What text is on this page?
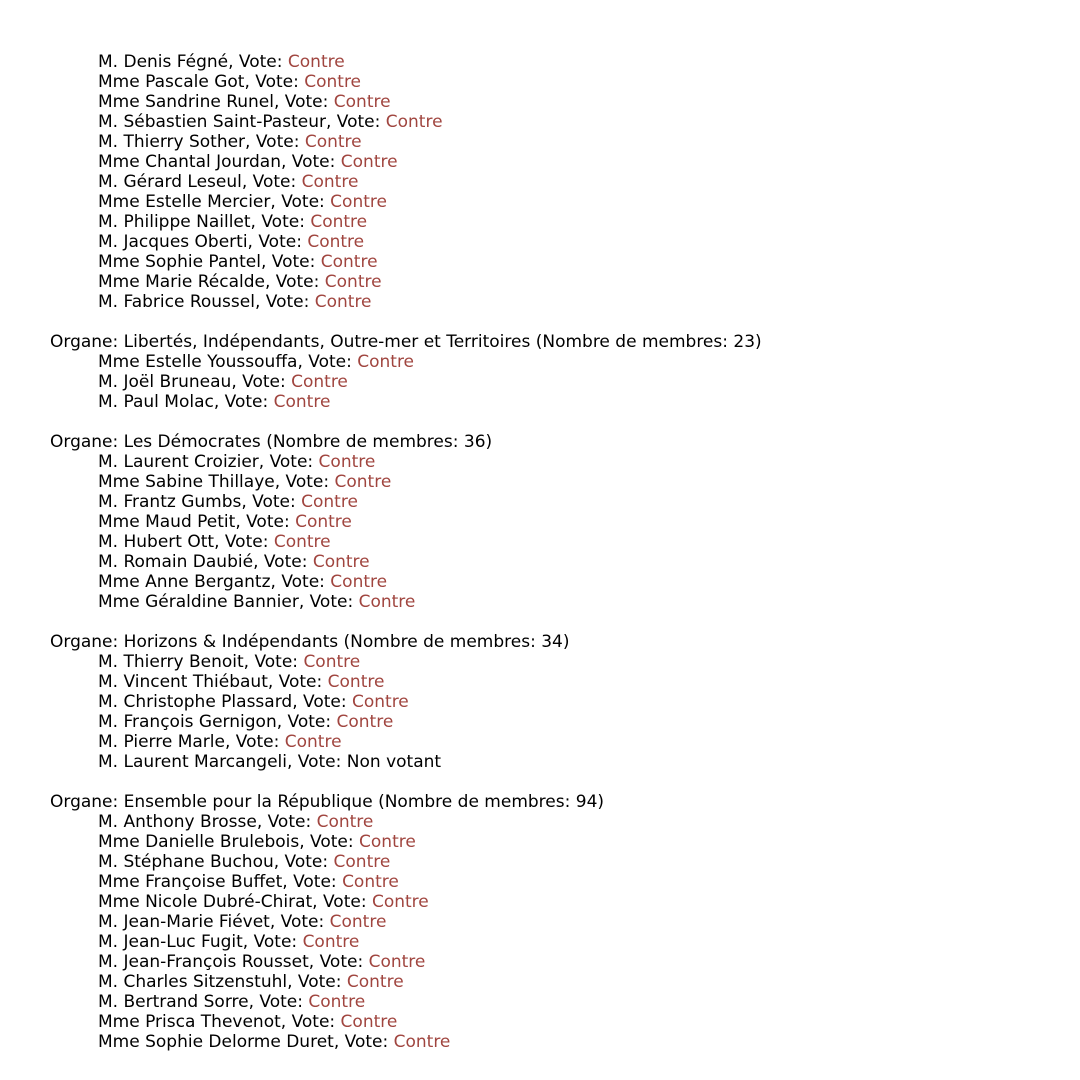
M. Denis Fégné, Vote: Contre
Mme Pascale Got, Vote: Contre
Mme Sandrine Runel, Vote: Contre
M. Sébastien Saint-Pasteur, Vote: Contre
M. Thierry Sother, Vote: Contre
Mme Chantal Jourdan, Vote: Contre
M. Gérard Leseul, Vote: Contre
Mme Estelle Mercier, Vote: Contre
M. Philippe Naillet, Vote: Contre
M. Jacques Oberti, Vote: Contre
Mme Sophie Pantel, Vote: Contre
Mme Marie Récalde, Vote: Contre
M. Fabrice Roussel, Vote: Contre
Organe: Libertés, Indépendants, Outre-mer et Territoires (Nombre de membres: 23)
Mme Estelle Youssouffa, Vote: Contre
M. Joël Bruneau, Vote: Contre
M. Paul Molac, Vote: Contre
Organe: Les Démocrates (Nombre de membres: 36)
M. Laurent Croizier, Vote: Contre
Mme Sabine Thillaye, Vote: Contre
M. Frantz Gumbs, Vote: Contre
Mme Maud Petit, Vote: Contre
M. Hubert Ott, Vote: Contre
M. Romain Daubié, Vote: Contre
Mme Anne Bergantz, Vote: Contre
Mme Géraldine Bannier, Vote: Contre
Organe: Horizons & Indépendants (Nombre de membres: 34)
M. Thierry Benoit, Vote: Contre
M. Vincent Thiébaut, Vote: Contre
M. Christophe Plassard, Vote: Contre
M. François Gernigon, Vote: Contre
M. Pierre Marle, Vote: Contre
M. Laurent Marcangeli, Vote: Non votant
Organe: Ensemble pour la République (Nombre de membres: 94)
M. Anthony Brosse, Vote: Contre
Mme Danielle Brulebois, Vote: Contre
M. Stéphane Buchou, Vote: Contre
Mme Françoise Buffet, Vote: Contre
Mme Nicole Dubré-Chirat, Vote: Contre
M. Jean-Marie Fiévet, Vote: Contre
M. Jean-Luc Fugit, Vote: Contre
M. Jean-François Rousset, Vote: Contre
M. Charles Sitzenstuhl, Vote: Contre
M. Bertrand Sorre, Vote: Contre
Mme Prisca Thevenot, Vote: Contre
Mme Sophie Delorme Duret, Vote: Contre
